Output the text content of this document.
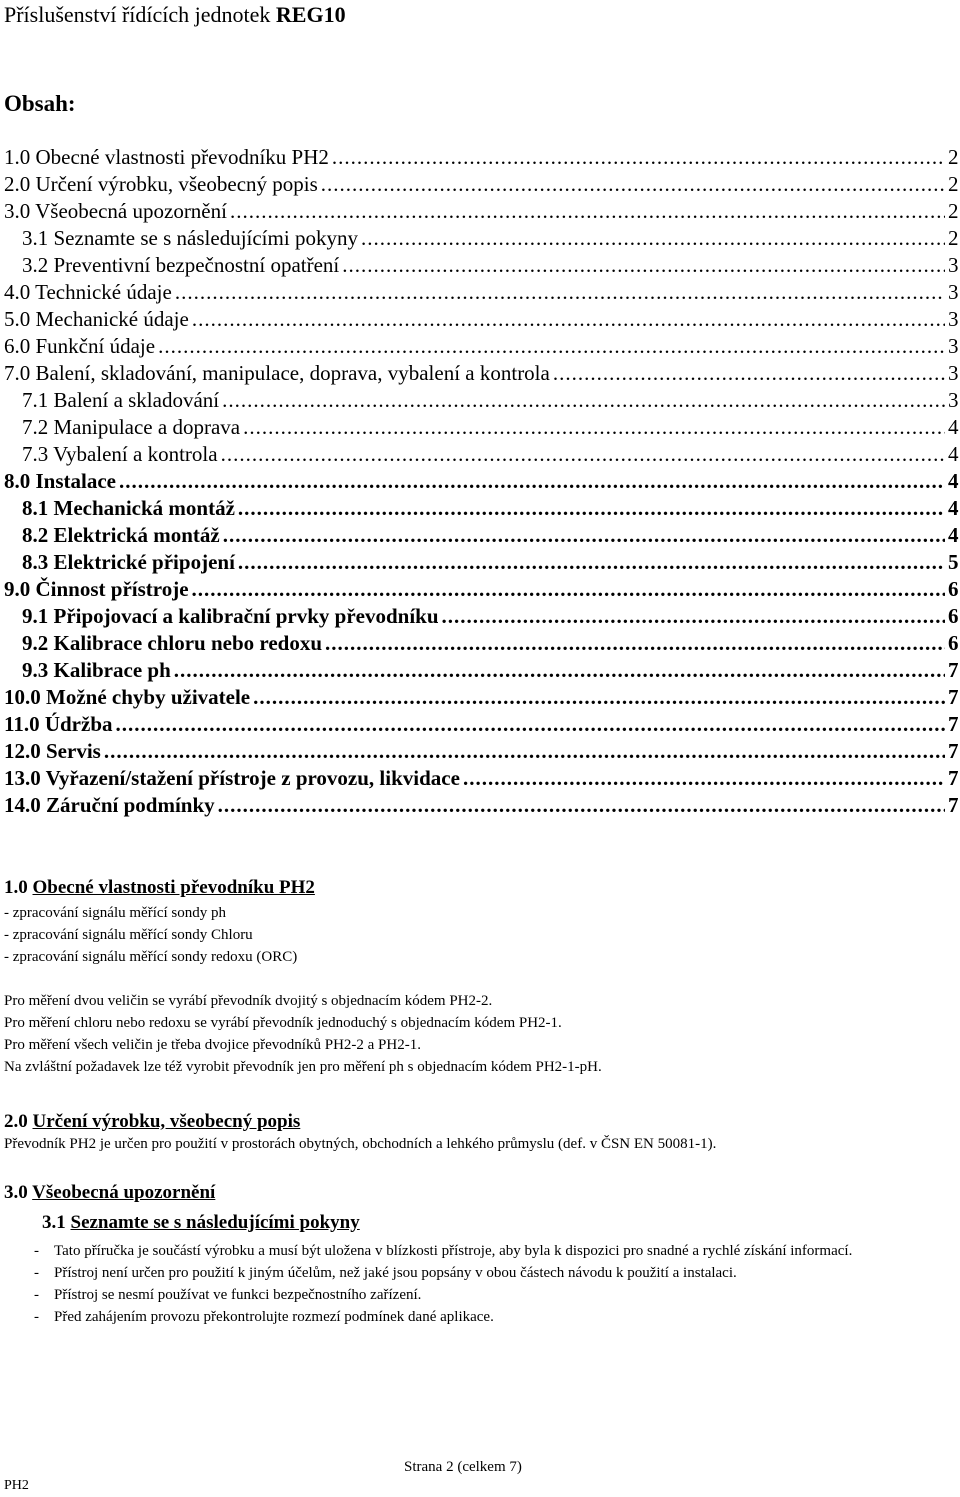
Příslušenství řídících jednotek REG10
Obsah:
1.0 Obecné vlastnosti převodníku PH2 .....	2
2.0 Určení výrobku, všeobecný popis .....	2
3.0 Všeobecná upozornění .....	2
3.1 Seznamte se s následujícími pokyny .....	2
3.2 Preventivní bezpečnostní opatření .....	3
4.0 Technické údaje .....	3
5.0 Mechanické údaje .....	3
6.0 Funkční údaje .....	3
7.0 Balení, skladování, manipulace, doprava, vybalení a kontrola .....	3
7.1 Balení a skladování .....	3
7.2 Manipulace a doprava .....	4
7.3 Vybalení a kontrola .....	4
8.0 Instalace .....	4
8.1 Mechanická montáž .....	4
8.2 Elektrická montáž .....	4
8.3 Elektrické připojení .....	5
9.0 Činnost přístroje .....	6
9.1 Připojovací a kalibrační prvky převodníku .....	6
9.2 Kalibrace chloru nebo redoxu .....	6
9.3 Kalibrace ph .....	7
10.0 Možné chyby uživatele .....	7
11.0 Údržba .....	7
12.0 Servis .....	7
13.0 Vyřazení/stažení přístroje z provozu, likvidace .....	7
14.0 Záruční podmínky .....	7
1.0 Obecné vlastnosti převodníku PH2
- zpracování signálu měřící sondy ph
- zpracování signálu měřící sondy Chloru
- zpracování signálu měřící sondy redoxu (ORC)
Pro měření dvou veličin se vyrábí převodník dvojitý s objednacím kódem PH2-2.
Pro měření chloru nebo redoxu se vyrábí převodník jednoduchý s objednacím kódem PH2-1.
Pro měření všech veličin je třeba dvojice převodníků PH2-2 a PH2-1.
Na zvláštní požadavek lze též vyrobit převodník jen pro měření ph s objednacím kódem PH2-1-pH.
2.0 Určení výrobku, všeobecný popis
Převodník PH2 je určen pro použití v prostorách obytných, obchodních a lehkého průmyslu (def. v ČSN EN 50081-1).
3.0 Všeobecná upozornění
3.1 Seznamte se s následujícími pokyny
- Tato příručka je součástí výrobku a musí být uložena v blízkosti přístroje, aby byla k dispozici pro snadné a rychlé získání informací.
- Přístroj není určen pro použití k jiným účelům, než jaké jsou popsány v obou částech návodu k použití a instalaci.
- Přístroj se nesmí používat ve funkci bezpečnostního zařízení.
- Před zahájením provozu překontrolujte rozmezí podmínek dané aplikace.
Strana 2 (celkem 7)
PH2
